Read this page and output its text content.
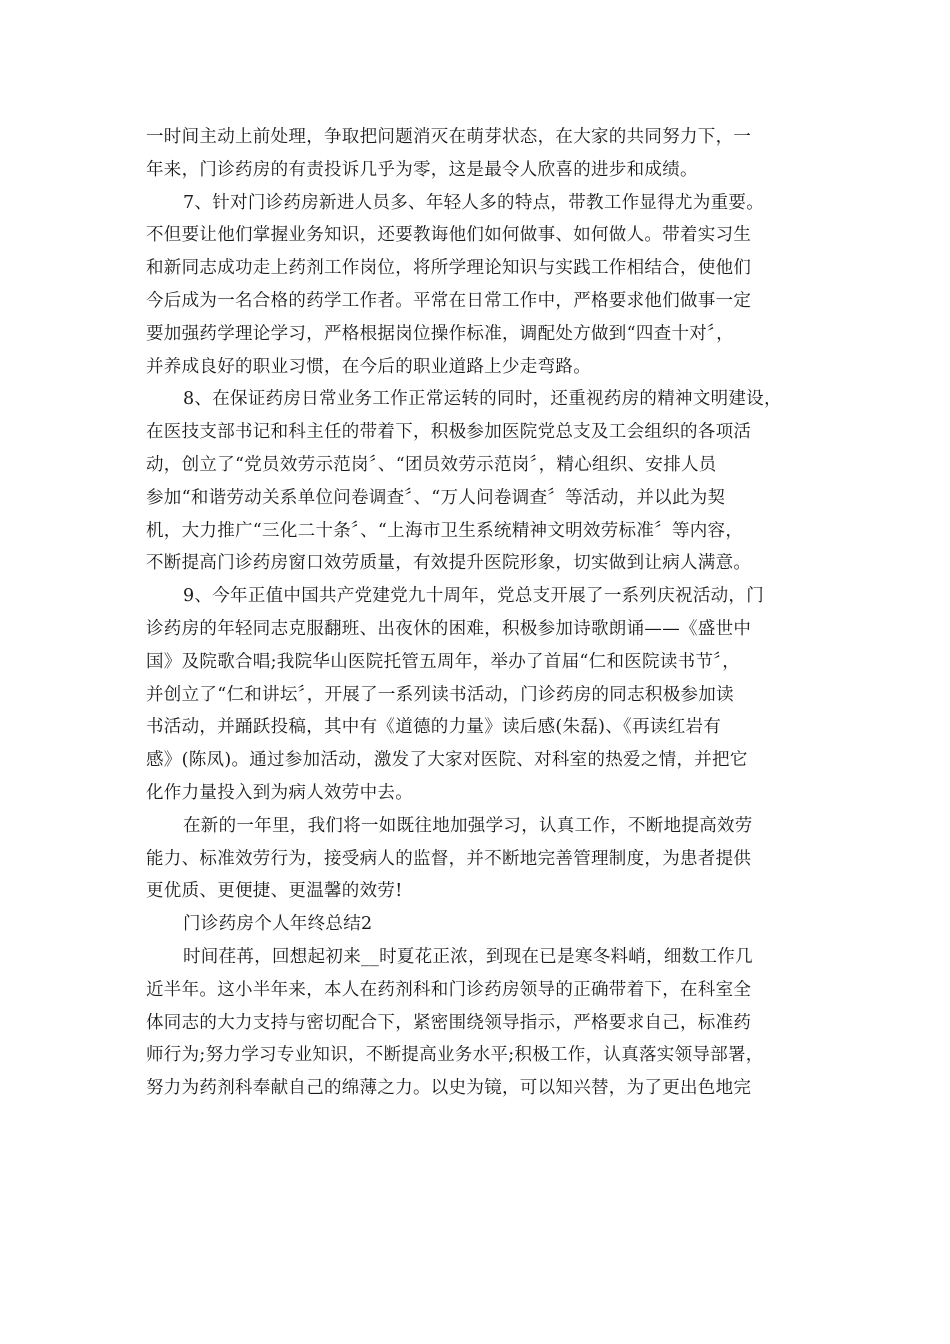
一时间主动上前处理，争取把问题消灭在萌芽状态，在大家的共同努力下，一
年来，门诊药房的有责投诉几乎为零，这是最令人欣喜的进步和成绩。
7、针对门诊药房新进人员多、年轻人多的特点，带教工作显得尤为重要。
不但要让他们掌握业务知识，还要教诲他们如何做事、如何做人。带着实习生
和新同志成功走上药剂工作岗位，将所学理论知识与实践工作相结合，使他们
今后成为一名合格的药学工作者。平常在日常工作中，严格要求他们做事一定
要加强药学理论学习，严格根据岗位操作标准，调配处方做到“四查十对〞，
并养成良好的职业习惯，在今后的职业道路上少走弯路。
8、在保证药房日常业务工作正常运转的同时，还重视药房的精神文明建设，
在医技支部书记和科主任的带着下，积极参加医院党总支及工会组织的各项活
动，创立了“党员效劳示范岗〞、“团员效劳示范岗〞，精心组织、安排人员
参加“和谐劳动关系单位问卷调查〞、“万人问卷调查〞等活动，并以此为契
机，大力推广“三化二十条〞、“上海市卫生系统精神文明效劳标准〞等内容，
不断提高门诊药房窗口效劳质量，有效提升医院形象，切实做到让病人满意。
9、今年正值中国共产党建党九十周年，党总支开展了一系列庆祝活动，门
诊药房的年轻同志克服翻班、出夜休的困难，积极参加诗歌朗诵——《盛世中
国》及院歌合唱;我院华山医院托管五周年，举办了首届“仁和医院读书节〞，
并创立了“仁和讲坛〞，开展了一系列读书活动，门诊药房的同志积极参加读
书活动，并踊跃投稿，其中有《道德的力量》读后感(朱磊)、《再读红岩有
感》(陈凤)。通过参加活动，激发了大家对医院、对科室的热爱之情，并把它
化作力量投入到为病人效劳中去。
在新的一年里，我们将一如既往地加强学习，认真工作，不断地提高效劳
能力、标准效劳行为，接受病人的监督，并不断地完善管理制度，为患者提供
更优质、更便捷、更温馨的效劳!
门诊药房个人年终总结2
时间荏苒，回想起初来__时夏花正浓，到现在已是寒冬料峭，细数工作几
近半年。这小半年来，本人在药剂科和门诊药房领导的正确带着下，在科室全
体同志的大力支持与密切配合下，紧密围绕领导指示，严格要求自己，标准药
师行为;努力学习专业知识，不断提高业务水平;积极工作，认真落实领导部署，
努力为药剂科奉献自己的绵薄之力。以史为镜，可以知兴替，为了更出色地完
